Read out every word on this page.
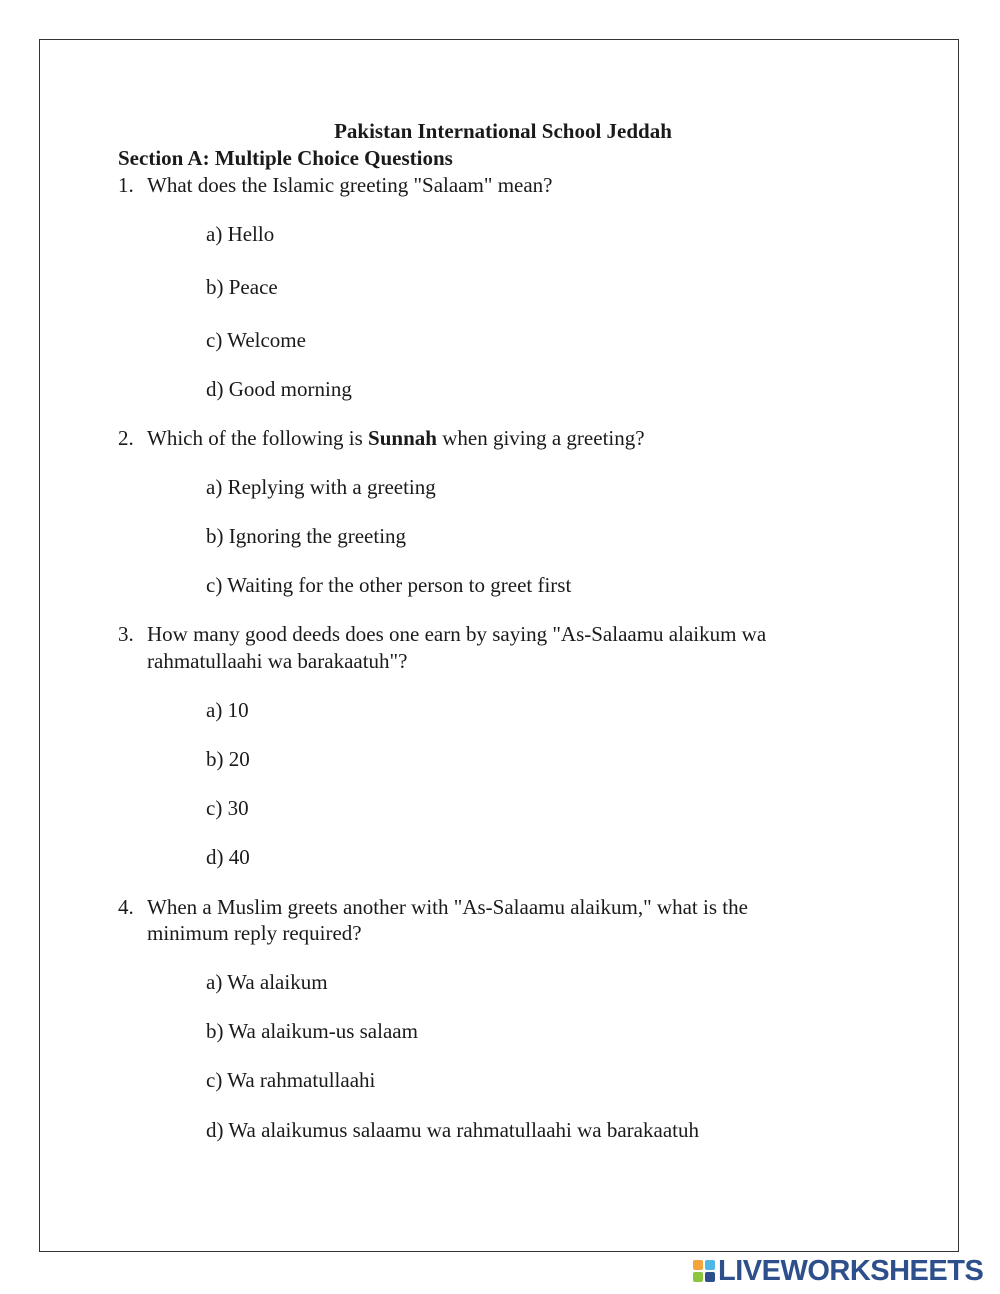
Pakistan International School Jeddah
Section A: Multiple Choice Questions
1. What does the Islamic greeting "Salaam" mean?
a) Hello
b) Peace
c) Welcome
d) Good morning
2. Which of the following is Sunnah when giving a greeting?
a) Replying with a greeting
b) Ignoring the greeting
c) Waiting for the other person to greet first
3. How many good deeds does one earn by saying "As-Salaamu alaikum wa
rahmatullaahi wa barakaatuh"?
a) 10
b) 20
c) 30
d) 40
4. When a Muslim greets another with "As-Salaamu alaikum," what is the
minimum reply required?
a) Wa alaikum
b) Wa alaikum-us salaam
c) Wa rahmatullaahi
d) Wa alaikumus salaamu wa rahmatullaahi wa barakaatuh
LIVEWORKSHEETS
